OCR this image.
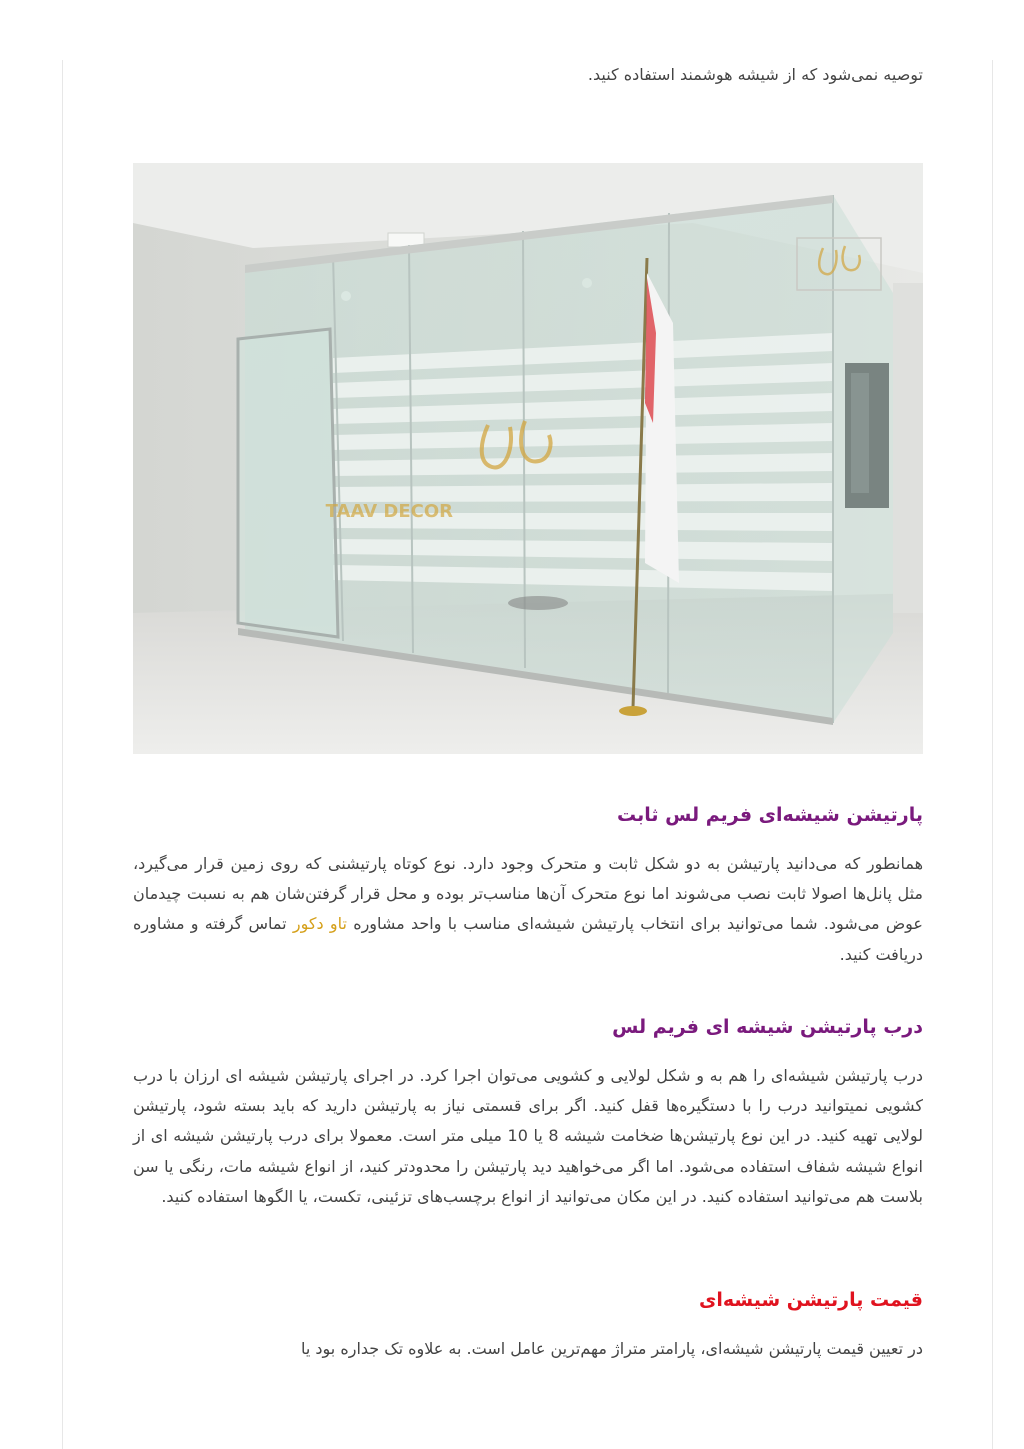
توصیه نمی‌شود که از شیشه هوشمند استفاده کنید.

TAAV DECOR
پارتیشن شیشه‌ای فریم لس ثابت

همانطور که می‌دانید پارتیشن به دو شکل ثابت و متحرک وجود دارد. نوع کوتاه پارتیشنی که روی زمین قرار می‌گیرد، مثل پانل‌ها اصولا ثابت نصب می‌شوند اما نوع متحرک آن‌ها مناسب‌تر بوده و محل قرار گرفتن‌شان هم به نسبت چیدمان عوض می‌شود. شما می‌توانید برای انتخاب پارتیشن شیشه‌ای مناسب با واحد مشاوره تاو دکور تماس گرفته و مشاوره دریافت کنید.

درب پارتیشن شیشه ای فریم لس

درب پارتیشن شیشه‌ای را هم به و شکل لولایی و کشویی می‌توان اجرا کرد. در اجرای پارتیشن شیشه ای ارزان با درب کشویی نمیتوانید درب را با دستگیره‌ها قفل کنید. اگر برای قسمتی نیاز به پارتیشن دارید که باید بسته شود، پارتیشن لولایی تهیه کنید. در این نوع پارتیشن‌ها ضخامت شیشه 8 یا 10 میلی متر است. معمولا برای درب پارتیشن شیشه ای از انواع شیشه شفاف استفاده می‌شود. اما اگر می‌خواهید دید پارتیشن را محدودتر کنید، از انواع شیشه مات، رنگی یا سن بلاست هم می‌توانید استفاده کنید. در این مکان می‌توانید از انواع برچسب‌های تزئینی، تکست، یا الگوها استفاده کنید.

قیمت پارتیشن شیشه‌ای

در تعیین قیمت پارتیشن شیشه‌ای، پارامتر متراژ مهم‌ترین عامل است. به علاوه تک جداره بود یا
